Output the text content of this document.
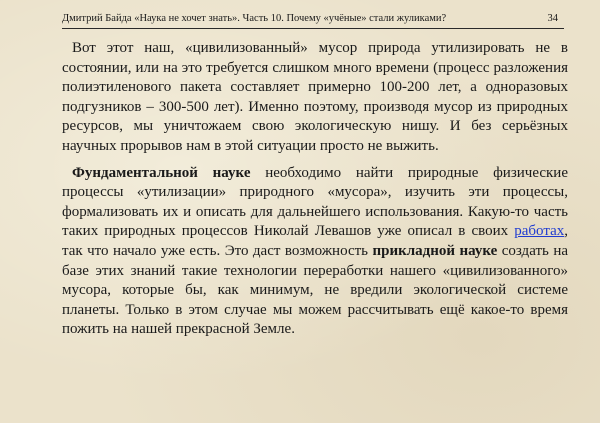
Дмитрий Байда «Наука не хочет знать». Часть 10. Почему «учёные» стали жуликами?	34

Вот этот наш, «цивилизованный» мусор природа утилизировать не в состоянии, или на это требуется слишком много времени (процесс разложения полиэтиленового пакета составляет примерно 100-200 лет, а одноразовых подгузников – 300-500 лет). Именно поэтому, производя мусор из природных ресурсов, мы уничтожаем свою экологическую нишу. И без серьёзных научных прорывов нам в этой ситуации просто не выжить.

Фундаментальной науке необходимо найти природные физические процессы «утилизации» природного «мусора», изучить эти процессы, формализовать их и описать для дальнейшего использования. Какую-то часть таких природных процессов Николай Левашов уже описал в своих работах, так что начало уже есть. Это даст возможность прикладной науке создать на базе этих знаний такие технологии переработки нашего «цивилизованного» мусора, которые бы, как минимум, не вредили экологической системе планеты. Только в этом случае мы можем рассчитывать ещё какое-то время пожить на нашей прекрасной Земле.
